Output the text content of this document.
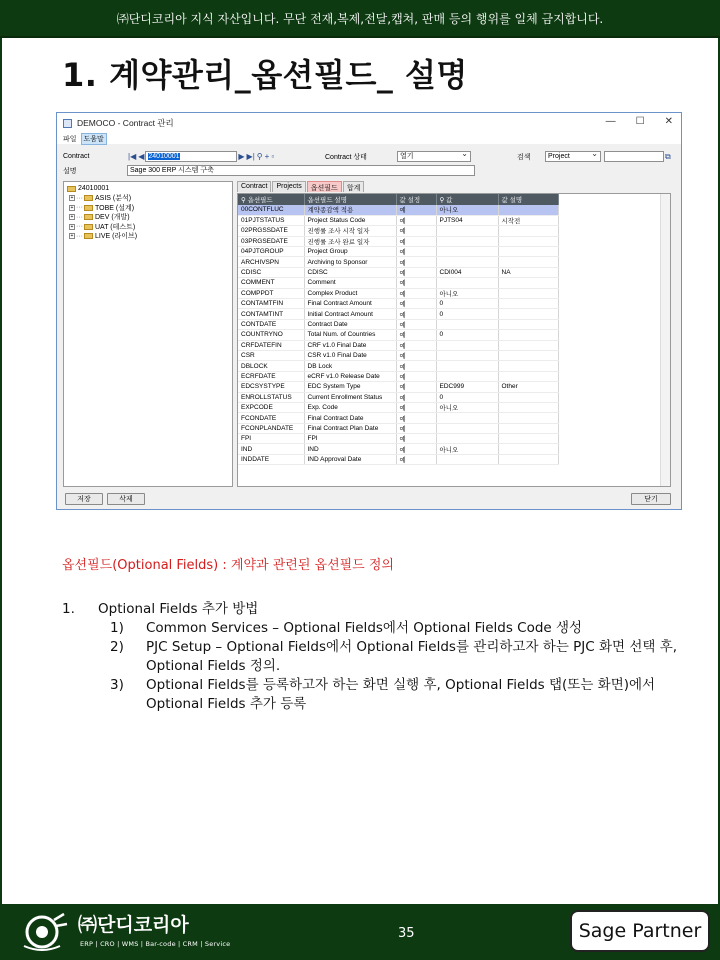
㈜단디코리아 지식 자산입니다. 무단 전재,복제,전달,캡쳐, 판매 등의 행위를 일체 금지합니다.
1. 계약관리_옵션필드_ 설명
DEMOCO - Contract 관리	— ☐ ✕
파일	도움말
Contract	|◀ ◀ 24010001	▶ ▶| ⚲ + ▫	Contract 상태	열기 ⌄	검색	Project ⌄	⧉
설명	Sage 300 ERP 시스템 구축
24010001
+ ··· ASIS (분석)
+ ··· TOBE (설계)
+ ··· DEV (개발)
+ ··· UAT (테스트)
+ ··· LIVE (라이브)
Contract	Projects	옵션필드	합계
⚲ 옵션필드	옵션필드 설명	값 설정	⚲ 값	값 설명
00CONTFLUC	계약종감액 적용	예	아니오	
01PJTSTATUS	Project Status Code	예	PJTS04	시작전
02PRGSSDATE	진행률 조사 시작 일자	예		
03PRGSEDATE	진행률 조사 완료 일자	예		
04PJTGROUP	Project Group	예		
ARCHIVSPN	Archiving to Sponsor	예		
CDISC	CDISC	예	CDI004	NA
COMMENT	Comment	예		
COMPPDT	Complex Product	예	아니오	
CONTAMTFIN	Final Contract Amount	예	0	
CONTAMTINT	Initial Contract Amount	예	0	
CONTDATE	Contract Date	예		
COUNTRYNO	Total Num. of Countries	예	0	
CRFDATEFIN	CRF v1.0 Final Date	예		
CSR	CSR v1.0 Final Date	예		
DBLOCK	DB Lock	예		
ECRFDATE	eCRF v1.0 Release Date	예		
EDCSYSTYPE	EDC System Type	예	EDC999	Other
ENROLLSTATUS	Current Enrollment Status	예	0	
EXPCODE	Exp. Code	예	아니오	
FCONDATE	Final Contract Date	예		
FCONPLANDATE	Final Contract Plan Date	예		
FPI	FPI	예		
IND	IND	예	아니오	
INDDATE	IND Approval Date	예		
저장	삭제	닫기
옵션필드(Optional Fields) : 계약과 관련된 옵션필드 정의
1.	Optional Fields 추가 방법
1)	Common Services – Optional Fields에서 Optional Fields Code 생성
2)	PJC Setup – Optional Fields에서 Optional Fields를 관리하고자 하는 PJC 화면 선택 후, Optional Fields 정의.
3)	Optional Fields를 등록하고자 하는 화면 실행 후, Optional Fields 탭(또는 화면)에서 Optional Fields 추가 등록
㈜단디코리아
ERP | CRO | WMS | Bar-code | CRM | Service
35	Sage Partner
